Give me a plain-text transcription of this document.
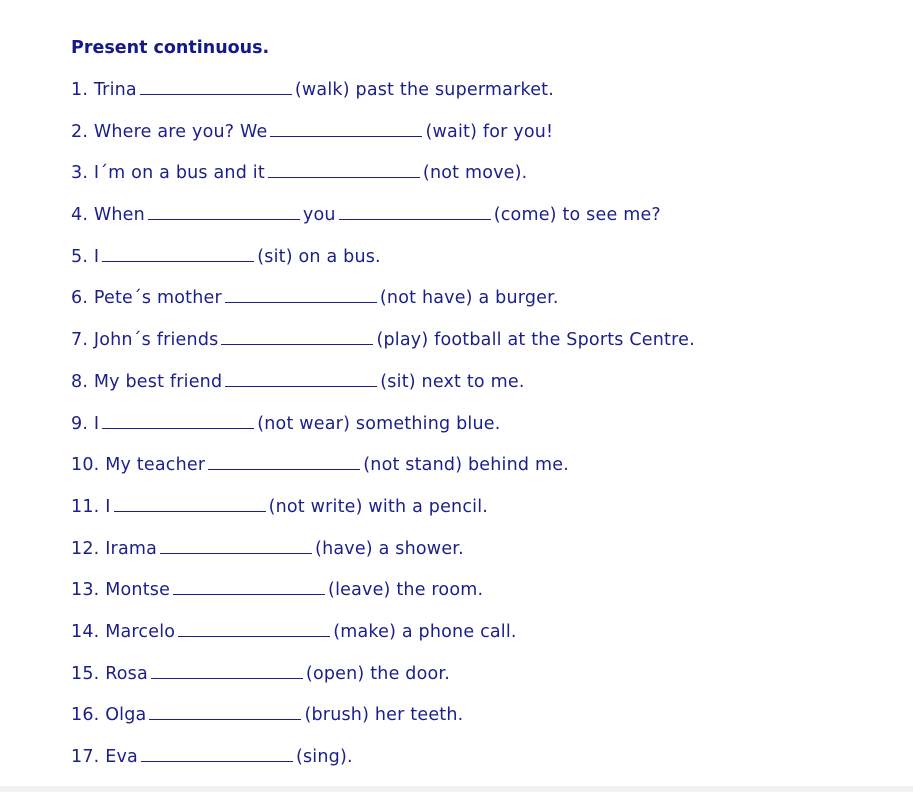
Present continuous.
1. Trina	(walk) past the supermarket.
2. Where are you? We	(wait) for you!
3. I´m on a bus and it	(not move).
4. When	you	(come) to see me?
5. I	(sit) on a bus.
6. Pete´s mother	(not have) a burger.
7. John´s friends	(play) football at the Sports Centre.
8. My best friend	(sit) next to me.
9. I	(not wear) something blue.
10. My teacher	(not stand) behind me.
11. I	(not write) with a pencil.
12. Irama	(have) a shower.
13. Montse	(leave) the room.
14. Marcelo	(make) a phone call.
15. Rosa	(open) the door.
16. Olga	(brush) her teeth.
17. Eva	(sing).
